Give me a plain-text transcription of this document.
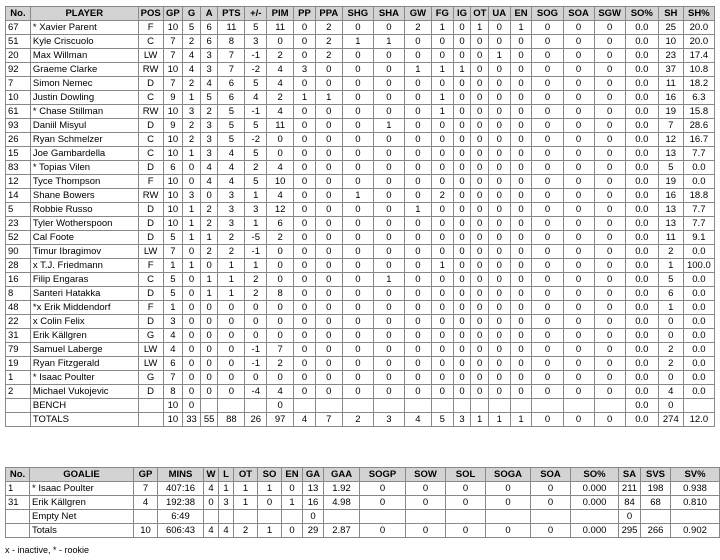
No.	PLAYER	POS	GP	G	A	PTS	+/-	PIM	PP	PPA	SHG	SHA	GW	FG	IG	OT	UA	EN	SOG	SOA	SGW	SO%	SH	SH%
67	* Xavier Parent	F	10	5	6	11	5	11	0	2	0	0	2	1	0	1	0	1	0	0	0	0.0	25	20.0
51	Kyle Criscuolo	C	7	2	6	8	3	0	0	2	1	1	0	0	0	0	0	0	0	0	0	0.0	10	20.0
20	Max Willman	LW	7	4	3	7	-1	2	0	2	0	0	0	0	0	0	1	0	0	0	0	0.0	23	17.4
92	Graeme Clarke	RW	10	4	3	7	-2	4	3	0	0	0	1	1	1	0	0	0	0	0	0	0.0	37	10.8
7	Simon Nemec	D	7	2	4	6	5	4	0	0	0	0	0	0	0	0	0	0	0	0	0	0.0	11	18.2
10	Justin Dowling	C	9	1	5	6	4	2	1	1	0	0	0	1	0	0	0	0	0	0	0	0.0	16	6.3
61	* Chase Stillman	RW	10	3	2	5	-1	4	0	0	0	0	0	1	0	0	0	0	0	0	0	0.0	19	15.8
93	Daniil Misyul	D	9	2	3	5	5	11	0	0	0	1	0	0	0	0	0	0	0	0	0	0.0	7	28.6
26	Ryan Schmelzer	C	10	2	3	5	-2	0	0	0	0	0	0	0	0	0	0	0	0	0	0	0.0	12	16.7
15	Joe Gambardella	C	10	1	3	4	5	0	0	0	0	0	0	0	0	0	0	0	0	0	0	0.0	13	7.7
83	* Topias Vilen	D	6	0	4	4	2	4	0	0	0	0	0	0	0	0	0	0	0	0	0	0.0	5	0.0
12	Tyce Thompson	F	10	0	4	4	5	10	0	0	0	0	0	0	0	0	0	0	0	0	0	0.0	19	0.0
14	Shane Bowers	RW	10	3	0	3	1	4	0	0	1	0	0	2	0	0	0	0	0	0	0	0.0	16	18.8
5	Robbie Russo	D	10	1	2	3	3	12	0	0	0	0	1	0	0	0	0	0	0	0	0	0.0	13	7.7
23	Tyler Wotherspoon	D	10	1	2	3	1	6	0	0	0	0	0	0	0	0	0	0	0	0	0	0.0	13	7.7
52	Cal Foote	D	5	1	1	2	-5	2	0	0	0	0	0	0	0	0	0	0	0	0	0	0.0	11	9.1
90	Timur Ibragimov	LW	7	0	2	2	-1	0	0	0	0	0	0	0	0	0	0	0	0	0	0	0.0	2	0.0
28	x T.J. Friedmann	F	1	1	0	1	1	0	0	0	0	0	0	1	0	0	0	0	0	0	0	0.0	1	100.0
16	Filip Engaras	C	5	0	1	1	2	0	0	0	0	1	0	0	0	0	0	0	0	0	0	0.0	5	0.0
8	Santeri Hatakka	D	5	0	1	1	2	8	0	0	0	0	0	0	0	0	0	0	0	0	0	0.0	6	0.0
48	*x Erik Middendorf	F	1	0	0	0	0	0	0	0	0	0	0	0	0	0	0	0	0	0	0	0.0	1	0.0
22	x Colin Felix	D	3	0	0	0	0	0	0	0	0	0	0	0	0	0	0	0	0	0	0	0.0	0	0.0
31	Erik Källgren	G	4	0	0	0	0	0	0	0	0	0	0	0	0	0	0	0	0	0	0	0.0	0	0.0
79	Samuel Laberge	LW	4	0	0	0	-1	7	0	0	0	0	0	0	0	0	0	0	0	0	0	0.0	2	0.0
19	Ryan Fitzgerald	LW	6	0	0	0	-1	2	0	0	0	0	0	0	0	0	0	0	0	0	0	0.0	2	0.0
1	* Isaac Poulter	G	7	0	0	0	0	0	0	0	0	0	0	0	0	0	0	0	0	0	0	0.0	0	0.0
2	Michael Vukojevic	D	8	0	0	0	-4	4	0	0	0	0	0	0	0	0	0	0	0	0	0	0.0	4	0.0
	BENCH		10	0				0														0.0	0	
	TOTALS		10	33	55	88	26	97	4	7	2	3	4	5	3	1	1	1	0	0	0	0.0	274	12.0
No.	GOALIE	GP	MINS	W	L	OT	SO	EN	GA	GAA	SOGP	SOW	SOL	SOGA	SOA	SO%	SA	SVS	SV%
1	* Isaac Poulter	7	407:16	4	1	1	1	0	13	1.92	0	0	0	0	0	0.000	211	198	0.938
31	Erik Källgren	4	192:38	0	3	1	0	1	16	4.98	0	0	0	0	0	0.000	84	68	0.810
	Empty Net		6:49						0								0		
	Totals	10	606:43	4	4	2	1	0	29	2.87	0	0	0	0	0	0.000	295	266	0.902
x - inactive, * - rookie
